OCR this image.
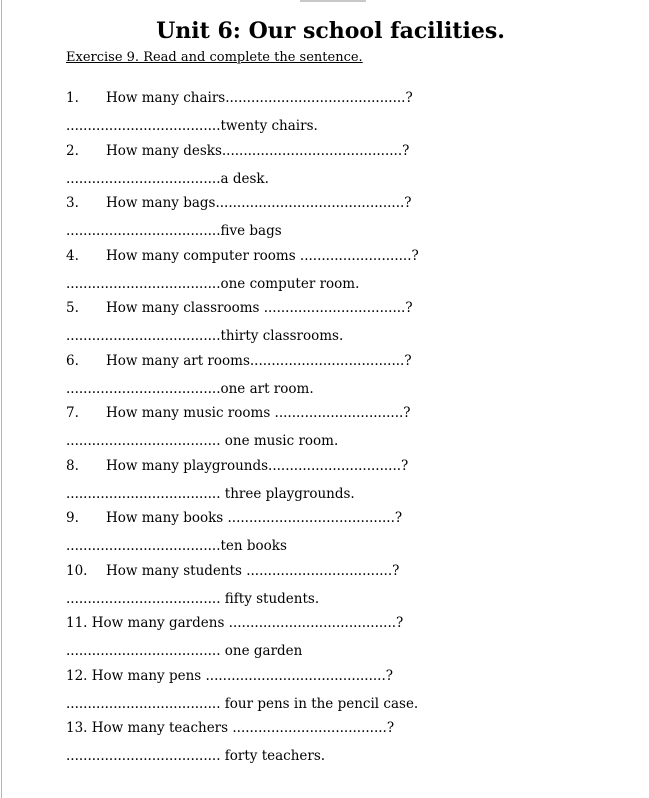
Unit 6: Our school facilities.
Exercise 9. Read and complete the sentence.
1. How many chairs..........................................?
....................................twenty chairs.
2. How many desks..........................................?
....................................a desk.
3. How many bags............................................?
....................................five bags
4. How many computer rooms ..........................?
....................................one computer room.
5. How many classrooms .................................?
....................................thirty classrooms.
6. How many art rooms....................................?
....................................one art room.
7. How many music rooms ..............................?
.................................... one music room.
8. How many playgrounds...............................?
.................................... three playgrounds.
9. How many books .......................................?
....................................ten books
10. How many students ..................................?
.................................... fifty students.
11. How many gardens .......................................?
.................................... one garden
12. How many pens ..........................................?
.................................... four pens in the pencil case.
13. How many teachers ....................................?
.................................... forty teachers.
